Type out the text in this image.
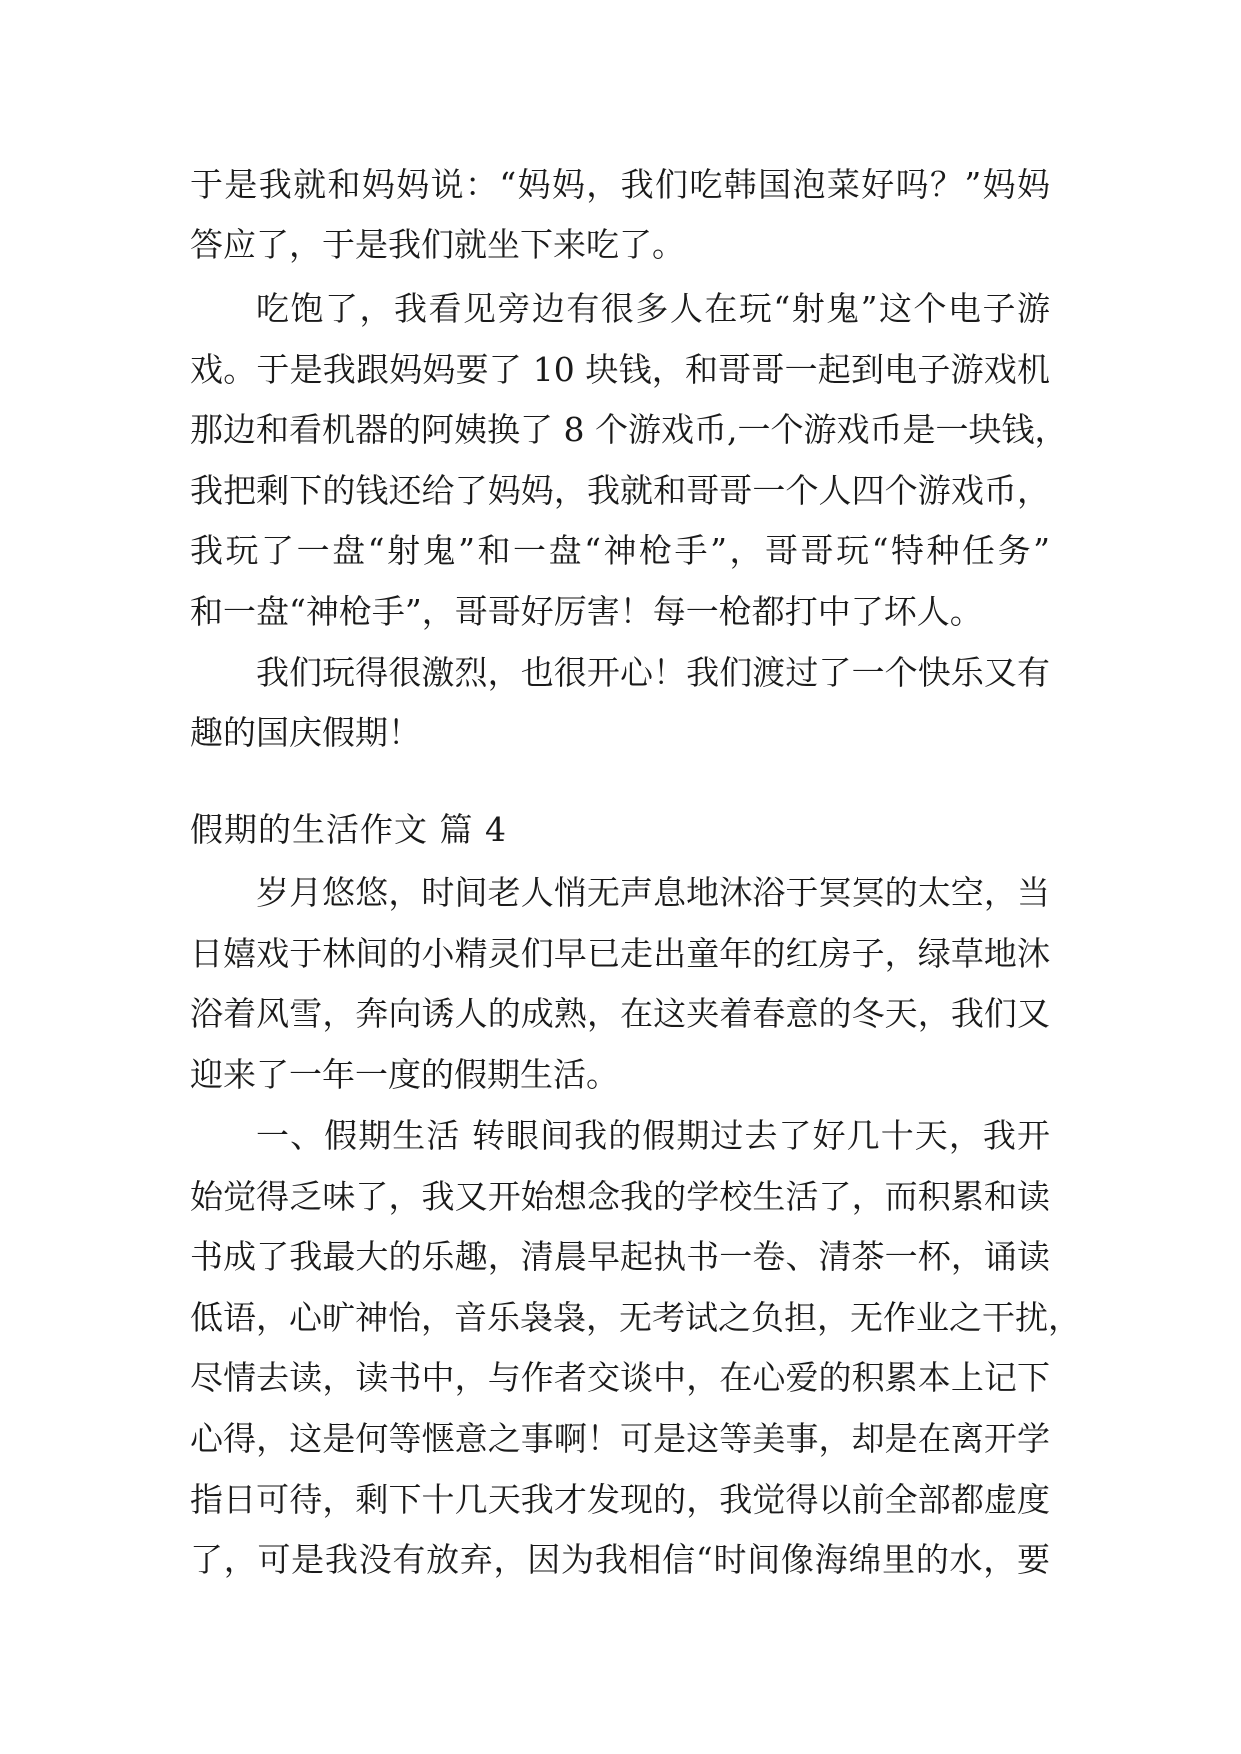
于是我就和妈妈说：“妈妈，我们吃韩国泡菜好吗？”妈妈
答应了，于是我们就坐下来吃了。
吃饱了，我看见旁边有很多人在玩“射鬼”这个电子游
戏。于是我跟妈妈要了 10 块钱，和哥哥一起到电子游戏机
那边和看机器的阿姨换了 8 个游戏币,一个游戏币是一块钱，
我把剩下的钱还给了妈妈，我就和哥哥一个人四个游戏币，
我玩了一盘“射鬼”和一盘“神枪手”，哥哥玩“特种任务”
和一盘“神枪手”，哥哥好厉害！每一枪都打中了坏人。
我们玩得很激烈，也很开心！我们渡过了一个快乐又有
趣的国庆假期！
假期的生活作文 篇 4
岁月悠悠，时间老人悄无声息地沐浴于冥冥的太空，当
日嬉戏于林间的小精灵们早已走出童年的红房子，绿草地沐
浴着风雪，奔向诱人的成熟，在这夹着春意的冬天，我们又
迎来了一年一度的假期生活。
一、假期生活 转眼间我的假期过去了好几十天，我开
始觉得乏味了，我又开始想念我的学校生活了，而积累和读
书成了我最大的乐趣，清晨早起执书一卷、清茶一杯，诵读
低语，心旷神怡，音乐袅袅，无考试之负担，无作业之干扰，
尽情去读，读书中，与作者交谈中，在心爱的积累本上记下
心得，这是何等惬意之事啊！可是这等美事，却是在离开学
指日可待，剩下十几天我才发现的，我觉得以前全部都虚度
了，可是我没有放弃，因为我相信“时间像海绵里的水，要
